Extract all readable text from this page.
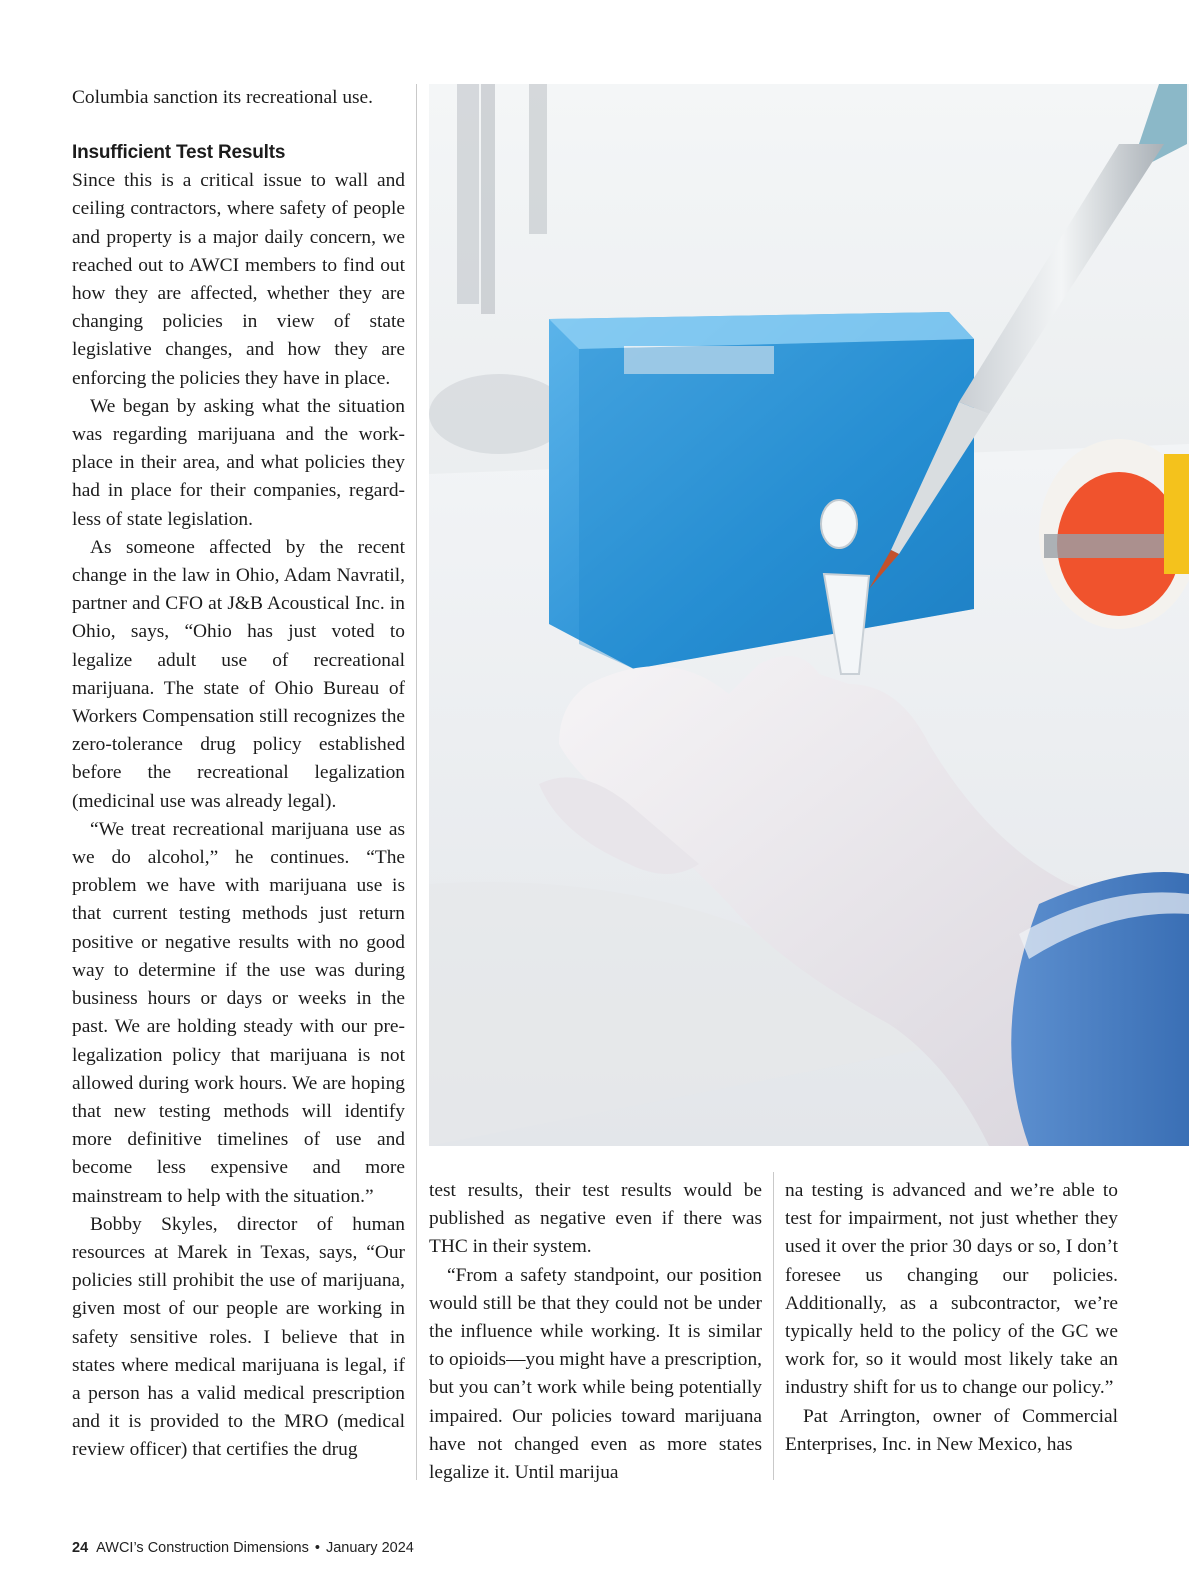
Columbia sanction its recreational use.

Insufficient Test Results

Since this is a critical issue to wall and ceiling contractors, where safety of people and property is a major daily concern, we reached out to AWCI members to find out how they are affected, whether they are changing policies in view of state legislative changes, and how they are enforcing the policies they have in place.

We began by asking what the situation was regarding marijuana and the workplace in their area, and what policies they had in place for their companies, regardless of state legislation.

As someone affected by the recent change in the law in Ohio, Adam Navratil, partner and CFO at J&B Acoustical Inc. in Ohio, says, “Ohio has just voted to legalize adult use of recreational marijuana. The state of Ohio Bureau of Workers Compensation still recognizes the zero-tolerance drug policy established before the recreational legalization (medicinal use was already legal).

“We treat recreational marijuana use as we do alcohol,” he continues. “The problem we have with marijuana use is that current testing methods just return positive or negative results with no good way to determine if the use was during business hours or days or weeks in the past. We are holding steady with our pre-legalization policy that marijuana is not allowed during work hours. We are hoping that new testing methods will identify more definitive timelines of use and become less expensive and more mainstream to help with the situation.”

Bobby Skyles, director of human resources at Marek in Texas, says, “Our policies still prohibit the use of marijuana, given most of our people are working in safety sensitive roles. I believe that in states where medical marijuana is legal, if a person has a valid medical prescription and it is provided to the MRO (medical review officer) that certifies the drug

test results, their test results would be published as negative even if there was THC in their system.

“From a safety standpoint, our position would still be that they could not be under the influence while working. It is similar to opioids—you might have a prescription, but you can’t work while being potentially impaired. Our policies toward marijuana have not changed even as more states legalize it. Until marijua

na testing is advanced and we’re able to test for impairment, not just whether they used it over the prior 30 days or so, I don’t foresee us changing our policies. Additionally, as a subcontractor, we’re typically held to the policy of the GC we work for, so it would most likely take an industry shift for us to change our policy.”

Pat Arrington, owner of Commercial Enterprises, Inc. in New Mexico, has

24 AWCI’s Construction Dimensions • January 2024
